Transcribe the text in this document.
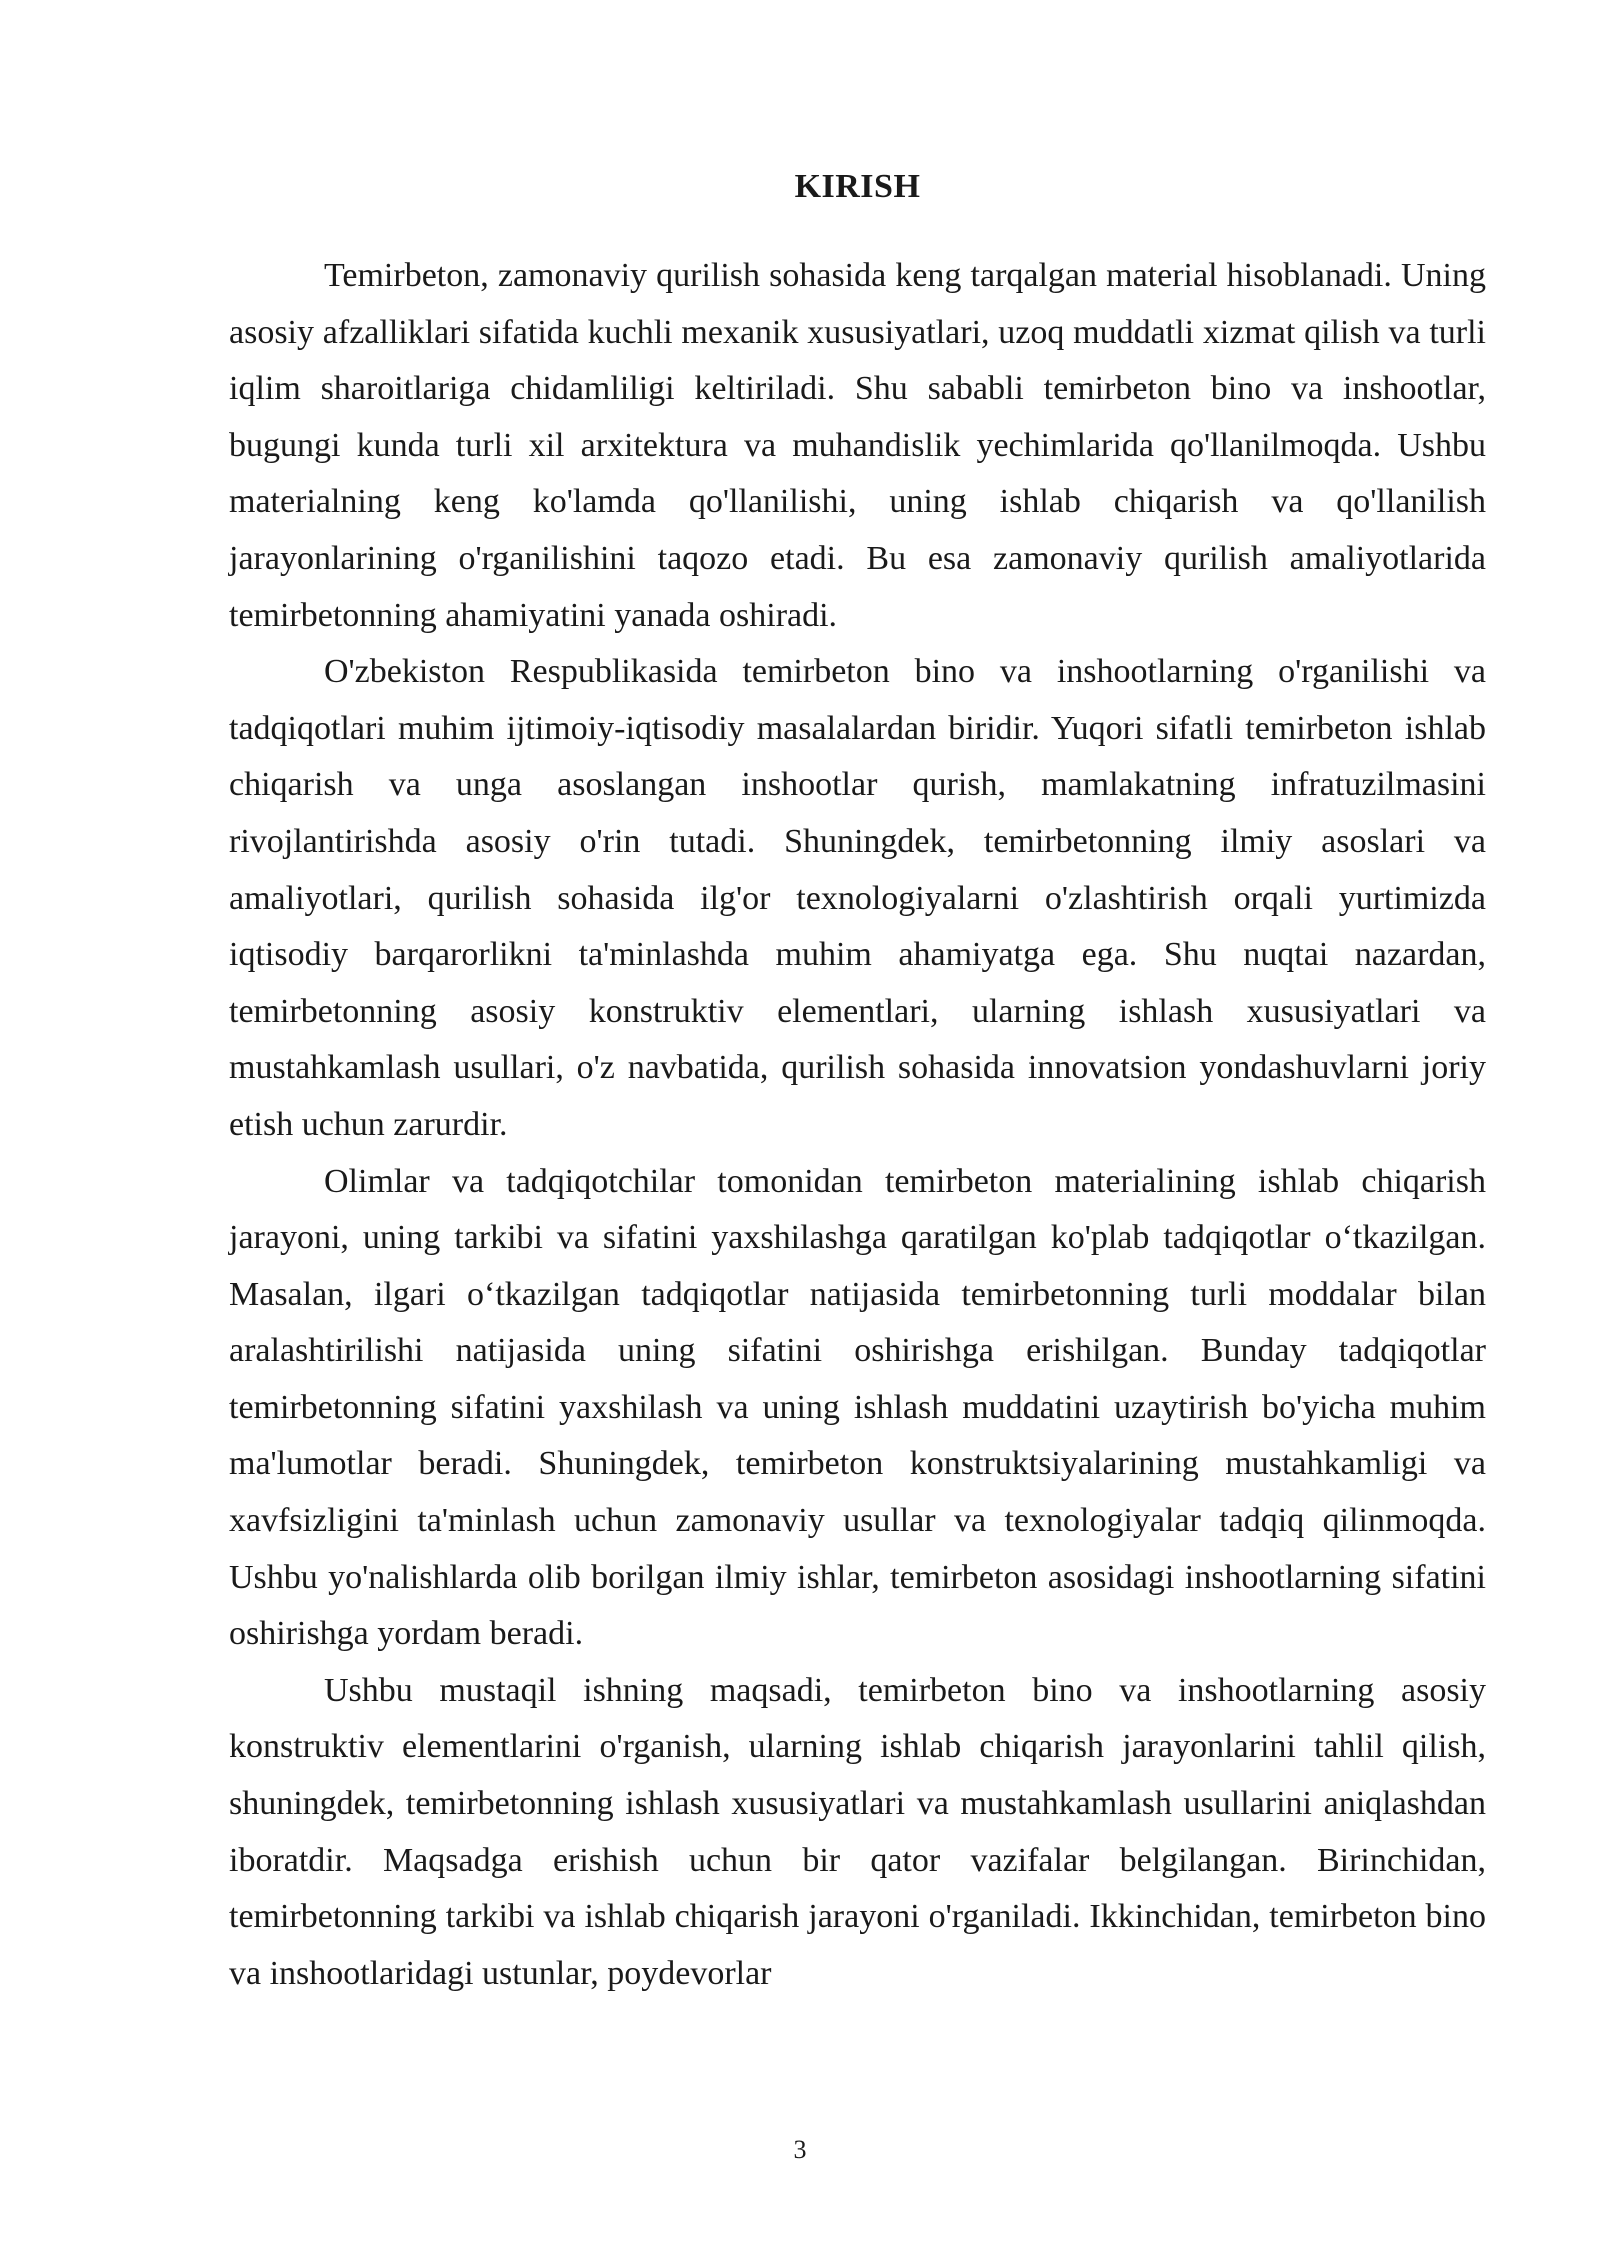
KIRISH

Temirbeton, zamonaviy qurilish sohasida keng tarqalgan material hisoblanadi. Uning asosiy afzalliklari sifatida kuchli mexanik xususiyatlari, uzoq muddatli xizmat qilish va turli iqlim sharoitlariga chidamliligi keltiriladi. Shu sababli temirbeton bino va inshootlar, bugungi kunda turli xil arxitektura va muhandislik yechimlarida qo'llanilmoqda. Ushbu materialning keng ko'lamda qo'llanilishi, uning ishlab chiqarish va qo'llanilish jarayonlarining o'rganilishini taqozo etadi. Bu esa zamonaviy qurilish amaliyotlarida temirbetonning ahamiyatini yanada oshiradi.

O'zbekiston Respublikasida temirbeton bino va inshootlarning o'rganilishi va tadqiqotlari muhim ijtimoiy-iqtisodiy masalalardan biridir. Yuqori sifatli temirbeton ishlab chiqarish va unga asoslangan inshootlar qurish, mamlakatning infratuzilmasini rivojlantirishda asosiy o'rin tutadi. Shuningdek, temirbetonning ilmiy asoslari va amaliyotlari, qurilish sohasida ilg'or texnologiyalarni o'zlashtirish orqali yurtimizda iqtisodiy barqarorlikni ta'minlashda muhim ahamiyatga ega. Shu nuqtai nazardan, temirbetonning asosiy konstruktiv elementlari, ularning ishlash xususiyatlari va mustahkamlash usullari, o'z navbatida, qurilish sohasida innovatsion yondashuvlarni joriy etish uchun zarurdir.

Olimlar va tadqiqotchilar tomonidan temirbeton materialining ishlab chiqarish jarayoni, uning tarkibi va sifatini yaxshilashga qaratilgan ko'plab tadqiqotlar o‘tkazilgan. Masalan, ilgari o‘tkazilgan tadqiqotlar natijasida temirbetonning turli moddalar bilan aralashtirilishi natijasida uning sifatini oshirishga erishilgan. Bunday tadqiqotlar temirbetonning sifatini yaxshilash va uning ishlash muddatini uzaytirish bo'yicha muhim ma'lumotlar beradi. Shuningdek, temirbeton konstruktsiyalarining mustahkamligi va xavfsizligini ta'minlash uchun zamonaviy usullar va texnologiyalar tadqiq qilinmoqda. Ushbu yo'nalishlarda olib borilgan ilmiy ishlar, temirbeton asosidagi inshootlarning sifatini oshirishga yordam beradi.

Ushbu mustaqil ishning maqsadi, temirbeton bino va inshootlarning asosiy konstruktiv elementlarini o'rganish, ularning ishlab chiqarish jarayonlarini tahlil qilish, shuningdek, temirbetonning ishlash xususiyatlari va mustahkamlash usullarini aniqlashdan iboratdir. Maqsadga erishish uchun bir qator vazifalar belgilangan. Birinchidan, temirbetonning tarkibi va ishlab chiqarish jarayoni o'rganiladi. Ikkinchidan, temirbeton bino va inshootlaridagi ustunlar, poydevorlar

3
